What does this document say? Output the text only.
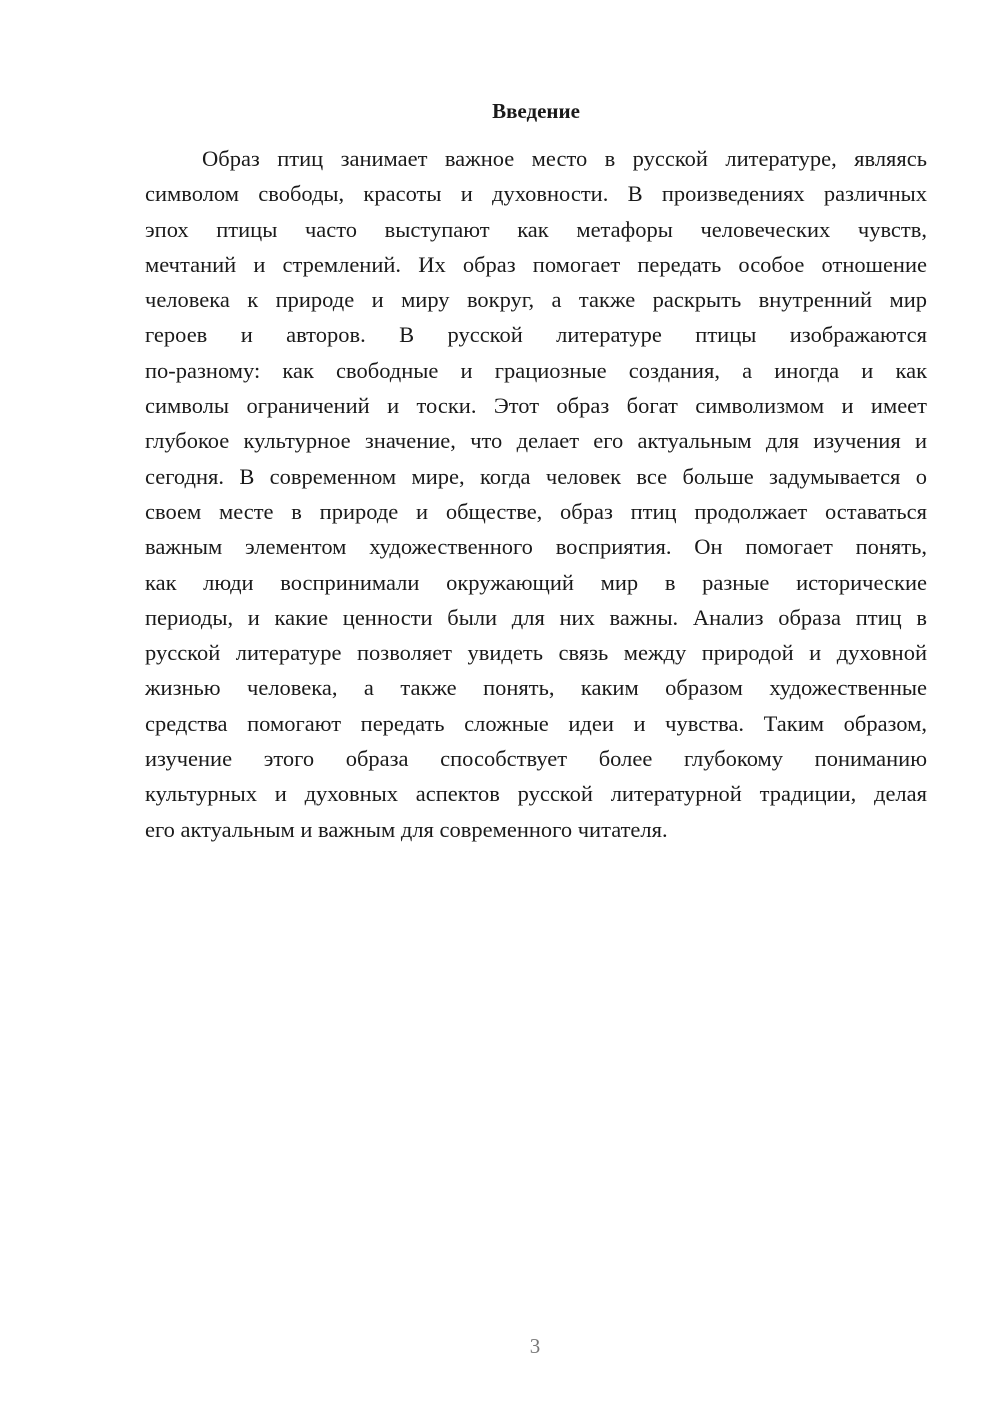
Введение
Образ птиц занимает важное место в русской литературе, являясь
символом свободы, красоты и духовности. В произведениях различных
эпох птицы часто выступают как метафоры человеческих чувств,
мечтаний и стремлений. Их образ помогает передать особое отношение
человека к природе и миру вокруг, а также раскрыть внутренний мир
героев и авторов. В русской литературе птицы изображаются
по-разному: как свободные и грациозные создания, а иногда и как
символы ограничений и тоски. Этот образ богат символизмом и имеет
глубокое культурное значение, что делает его актуальным для изучения и
сегодня. В современном мире, когда человек все больше задумывается о
своем месте в природе и обществе, образ птиц продолжает оставаться
важным элементом художественного восприятия. Он помогает понять,
как люди воспринимали окружающий мир в разные исторические
периоды, и какие ценности были для них важны. Анализ образа птиц в
русской литературе позволяет увидеть связь между природой и духовной
жизнью человека, а также понять, каким образом художественные
средства помогают передать сложные идеи и чувства. Таким образом,
изучение этого образа способствует более глубокому пониманию
культурных и духовных аспектов русской литературной традиции, делая
его актуальным и важным для современного читателя.
3
